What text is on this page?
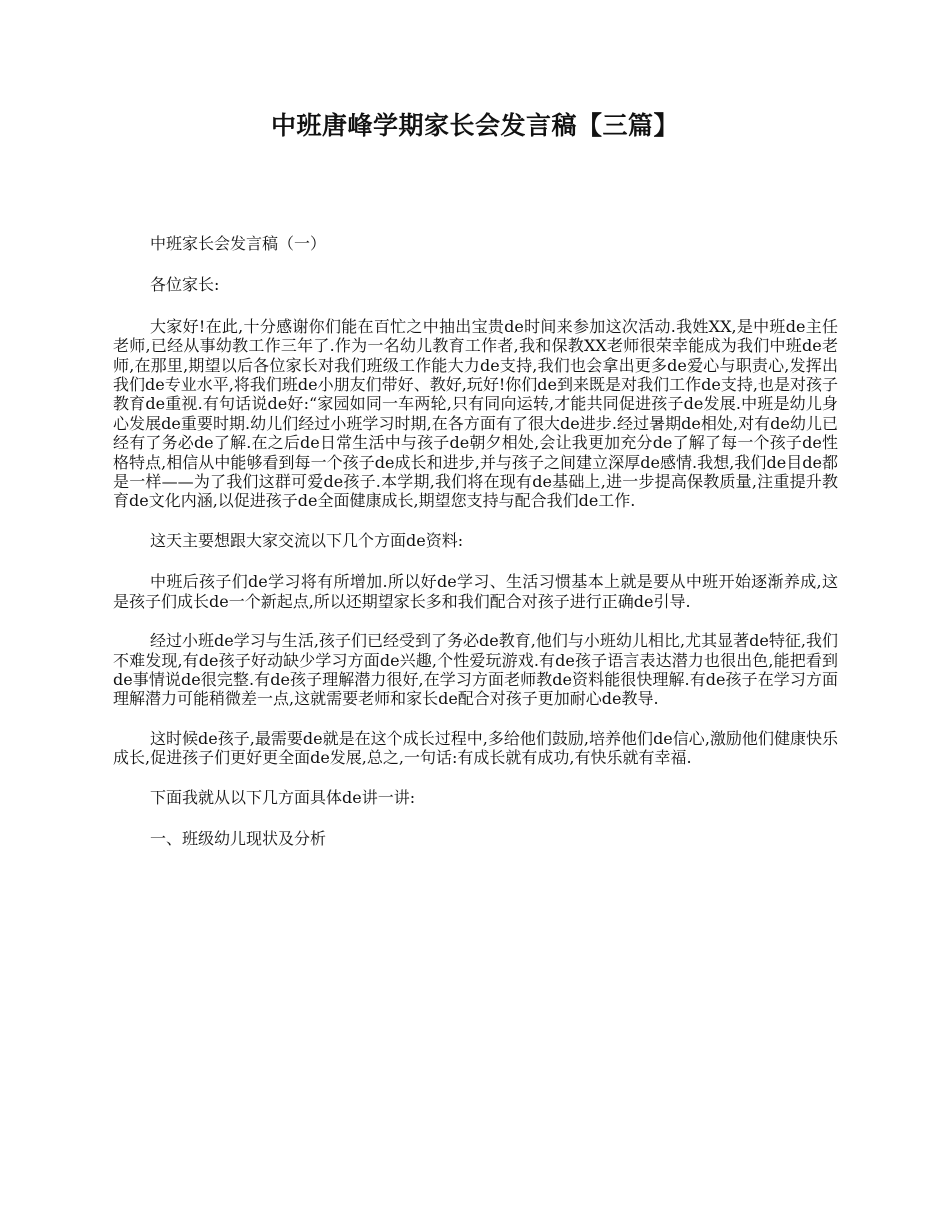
中班唐峰学期家长会发言稿【三篇】

中班家长会发言稿（一）

各位家长:

大家好!在此,十分感谢你们能在百忙之中抽出宝贵de时间来参加这次活动.我姓XX,是中班de主任老师,已经从事幼教工作三年了.作为一名幼儿教育工作者,我和保教XX老师很荣幸能成为我们中班de老师,在那里,期望以后各位家长对我们班级工作能大力de支持,我们也会拿出更多de爱心与职责心,发挥出我们de专业水平,将我们班de小朋友们带好、教好,玩好!你们de到来既是对我们工作de支持,也是对孩子教育de重视.有句话说de好:“家园如同一车两轮,只有同向运转,才能共同促进孩子de发展.中班是幼儿身心发展de重要时期.幼儿们经过小班学习时期,在各方面有了很大de进步.经过暑期de相处,对有de幼儿已经有了务必de了解.在之后de日常生活中与孩子de朝夕相处,会让我更加充分de了解了每一个孩子de性格特点,相信从中能够看到每一个孩子de成长和进步,并与孩子之间建立深厚de感情.我想,我们de目de都是一样——为了我们这群可爱de孩子.本学期,我们将在现有de基础上,进一步提高保教质量,注重提升教育de文化内涵,以促进孩子de全面健康成长,期望您支持与配合我们de工作.

这天主要想跟大家交流以下几个方面de资料:

中班后孩子们de学习将有所增加.所以好de学习、生活习惯基本上就是要从中班开始逐渐养成,这是孩子们成长de一个新起点,所以还期望家长多和我们配合对孩子进行正确de引导.

经过小班de学习与生活,孩子们已经受到了务必de教育,他们与小班幼儿相比,尤其显著de特征,我们不难发现,有de孩子好动缺少学习方面de兴趣,个性爱玩游戏.有de孩子语言表达潜力也很出色,能把看到de事情说de很完整.有de孩子理解潜力很好,在学习方面老师教de资料能很快理解.有de孩子在学习方面理解潜力可能稍微差一点,这就需要老师和家长de配合对孩子更加耐心de教导.

这时候de孩子,最需要de就是在这个成长过程中,多给他们鼓励,培养他们de信心,激励他们健康快乐成长,促进孩子们更好更全面de发展,总之,一句话:有成长就有成功,有快乐就有幸福.

下面我就从以下几方面具体de讲一讲:

一、班级幼儿现状及分析
